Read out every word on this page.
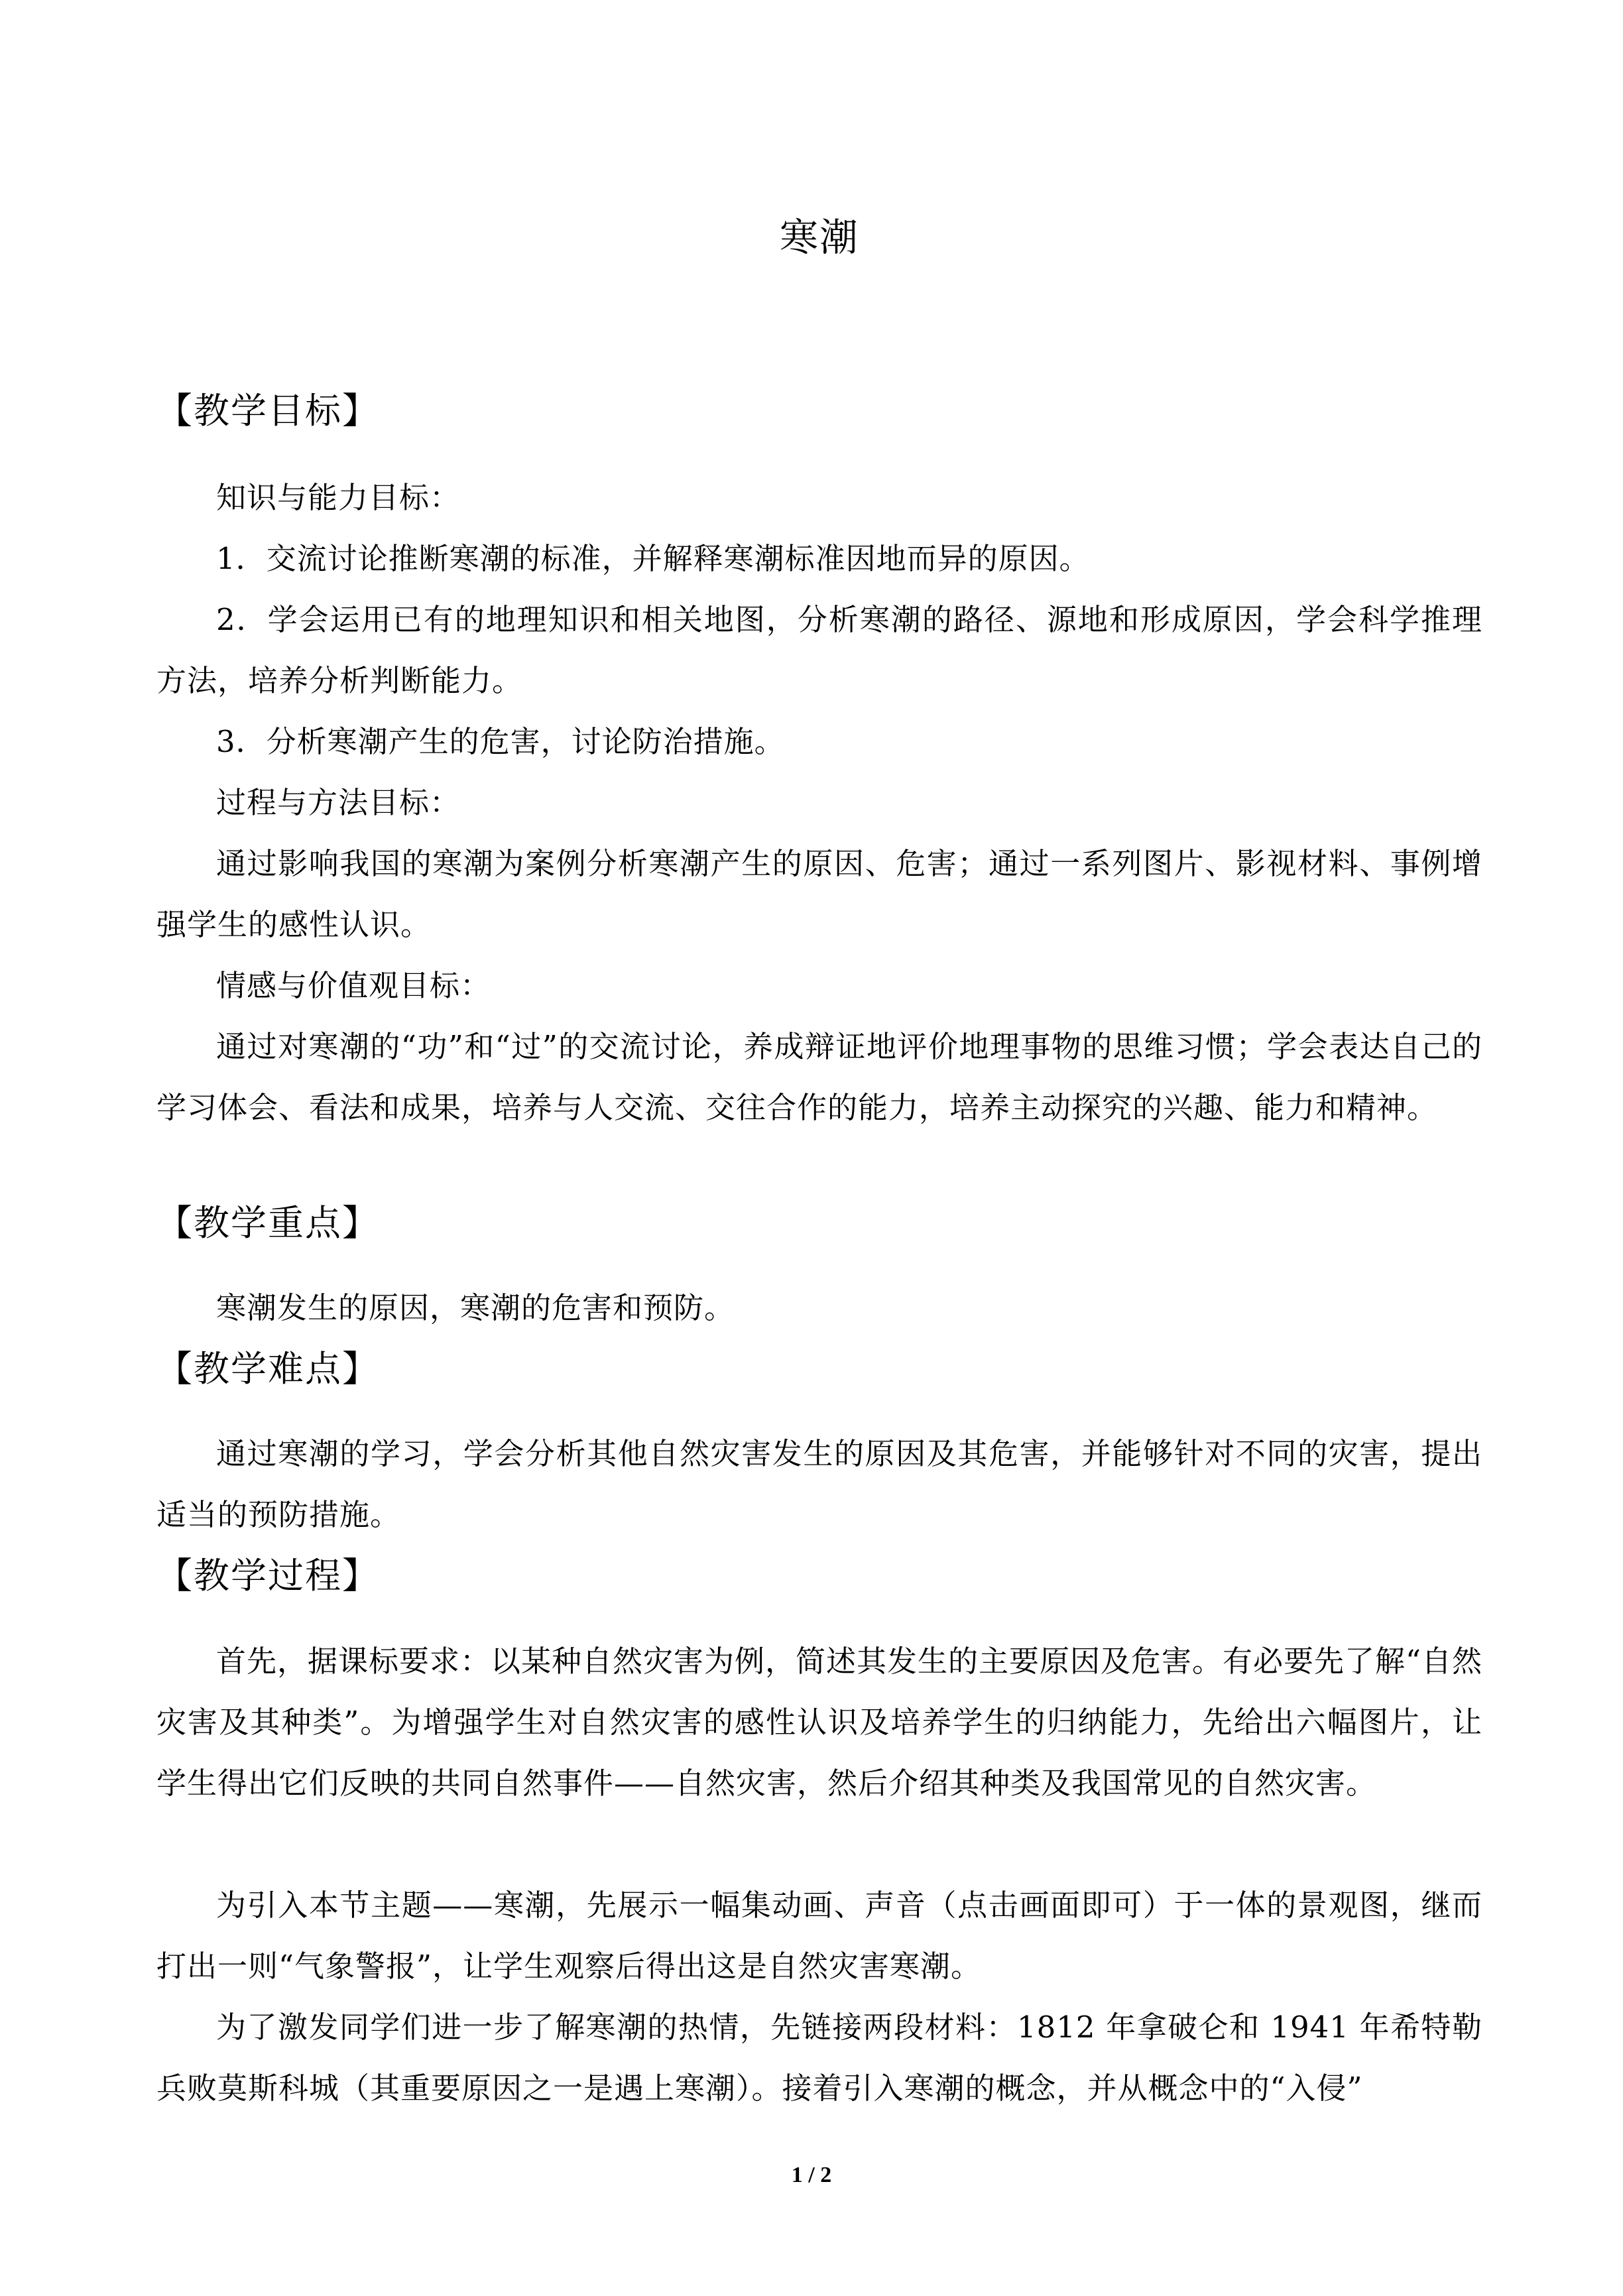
寒潮
【教学目标】
知识与能力目标：
1．交流讨论推断寒潮的标准，并解释寒潮标准因地而异的原因。
2．学会运用已有的地理知识和相关地图，分析寒潮的路径、源地和形成原因，学会科学推理方法，培养分析判断能力。
3．分析寒潮产生的危害，讨论防治措施。
过程与方法目标：
通过影响我国的寒潮为案例分析寒潮产生的原因、危害；通过一系列图片、影视材料、事例增强学生的感性认识。
情感与价值观目标：
通过对寒潮的“功”和“过”的交流讨论，养成辩证地评价地理事物的思维习惯；学会表达自己的学习体会、看法和成果，培养与人交流、交往合作的能力，培养主动探究的兴趣、能力和精神。
【教学重点】
寒潮发生的原因，寒潮的危害和预防。
【教学难点】
通过寒潮的学习，学会分析其他自然灾害发生的原因及其危害，并能够针对不同的灾害，提出适当的预防措施。
【教学过程】
首先，据课标要求：以某种自然灾害为例，简述其发生的主要原因及危害。有必要先了解“自然灾害及其种类”。为增强学生对自然灾害的感性认识及培养学生的归纳能力，先给出六幅图片，让学生得出它们反映的共同自然事件——自然灾害，然后介绍其种类及我国常见的自然灾害。
为引入本节主题——寒潮，先展示一幅集动画、声音（点击画面即可）于一体的景观图，继而打出一则“气象警报”，让学生观察后得出这是自然灾害寒潮。
为了激发同学们进一步了解寒潮的热情，先链接两段材料：1812 年拿破仑和 1941 年希特勒兵败莫斯科城（其重要原因之一是遇上寒潮）。接着引入寒潮的概念，并从概念中的“入侵”
1 / 2
